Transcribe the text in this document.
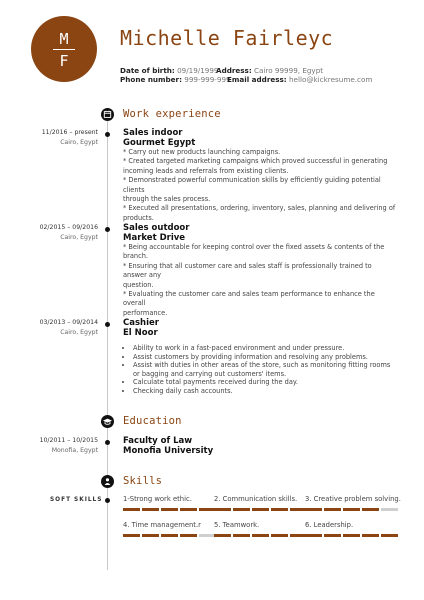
M
F
Michelle Fairleyc
Date of birth: 09/19/1999
Address: Cairo 99999, Egypt
Phone number: 999-999-999
Email address: hello@kickresume.com
Work experience
11/2016 – present
Cairo, Egypt
Sales indoor
Gourmet Egypt
* Carry out new products launching campaigns.
* Created targeted marketing campaigns which proved successful in generating
incoming leads and referrals from existing clients.
* Demonstrated powerful communication skills by efficiently guiding potential
clients
through the sales process.
* Executed all presentations, ordering, inventory, sales, planning and delivering of
products.
02/2015 – 09/2016
Cairo, Egypt
Sales outdoor
Market Drive
* Being accountable for keeping control over the fixed assets & contents of the
branch.
* Ensuring that all customer care and sales staff is professionally trained to
answer any
question.
* Evaluating the customer care and sales team performance to enhance the
overall
performance.
03/2013 – 09/2014
Cairo, Egypt
Cashier
El Noor
• Ability to work in a fast-paced environment and under pressure.
• Assist customers by providing information and resolving any problems.
• Assist with duties in other areas of the store, such as monitoring fitting rooms
or bagging and carrying out customers' items.
• Calculate total payments received during the day.
• Checking daily cash accounts.
Education
10/2011 – 10/2015
Monofia, Egypt
Faculty of Law
Monofia University
Skills
SOFT SKILLS	1-Strong work ethic.	2. Communication skills.	3. Creative problem solving.
4. Time management.r	5. Teamwork.	6. Leadership.
